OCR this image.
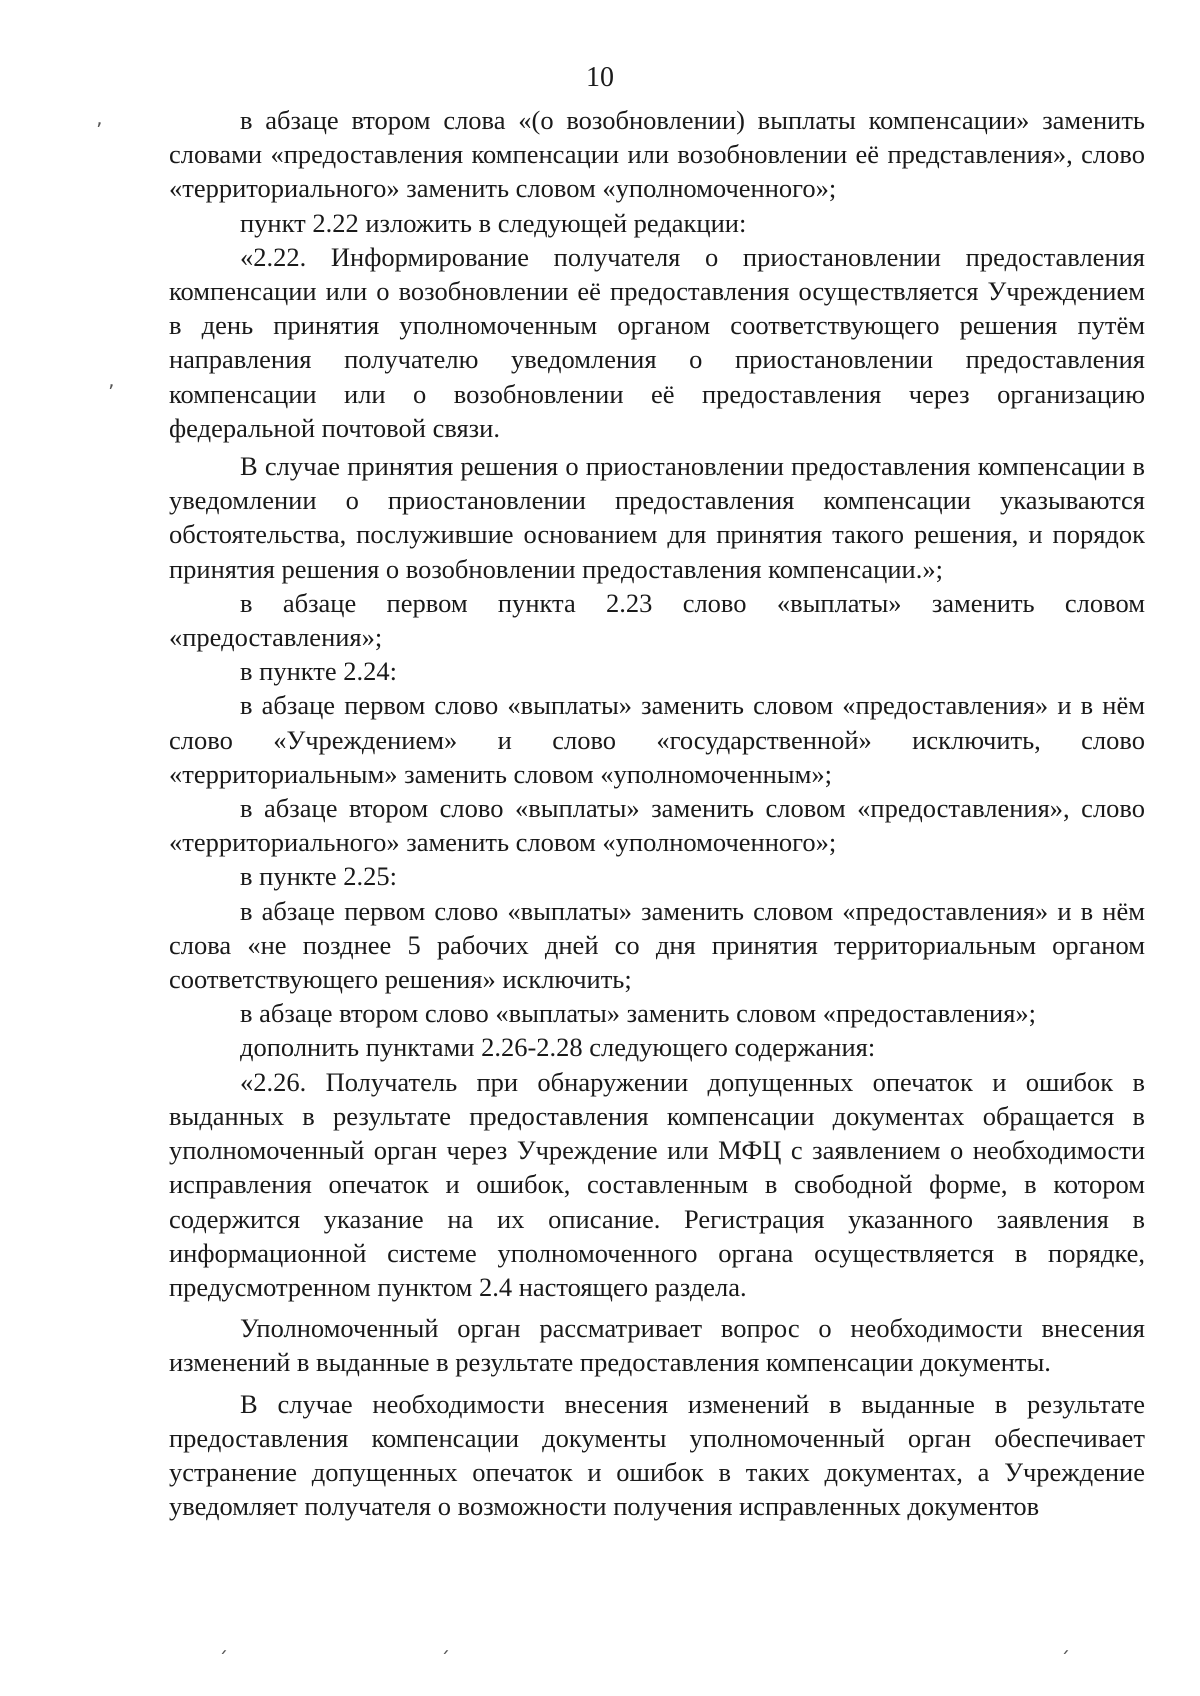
10

в абзаце втором слова «(о возобновлении) выплаты компенсации» заменить словами «предоставления компенсации или возобновлении её представления», слово «территориального» заменить словом «уполномоченного»;

пункт 2.22 изложить в следующей редакции:

«2.22. Информирование получателя о приостановлении предоставления компенсации или о возобновлении её предоставления осуществляется Учреждением в день принятия уполномоченным органом соответствующего решения путём направления получателю уведомления о приостановлении предоставления компенсации или о возобновлении её предоставления через организацию федеральной почтовой связи.

В случае принятия решения о приостановлении предоставления компенсации в уведомлении о приостановлении предоставления компенсации указываются обстоятельства, послужившие основанием для принятия такого решения, и порядок принятия решения о возобновлении предоставления компенсации.»;

в абзаце первом пункта 2.23 слово «выплаты» заменить словом «предоставления»;

в пункте 2.24:

в абзаце первом слово «выплаты» заменить словом «предоставления» и в нём слово «Учреждением» и слово «государственной» исключить, слово «территориальным» заменить словом «уполномоченным»;

в абзаце втором слово «выплаты» заменить словом «предоставления», слово «территориального» заменить словом «уполномоченного»;

в пункте 2.25:

в абзаце первом слово «выплаты» заменить словом «предоставления» и в нём слова «не позднее 5 рабочих дней со дня принятия территориальным органом соответствующего решения» исключить;

в абзаце втором слово «выплаты» заменить словом «предоставления»;

дополнить пунктами 2.26-2.28 следующего содержания:

«2.26. Получатель при обнаружении допущенных опечаток и ошибок в выданных в результате предоставления компенсации документах обращается в уполномоченный орган через Учреждение или МФЦ с заявлением о необходимости исправления опечаток и ошибок, составленным в свободной форме, в котором содержится указание на их описание. Регистрация указанного заявления в информационной системе уполномоченного органа осуществляется в порядке, предусмотренном пунктом 2.4 настоящего раздела.

Уполномоченный орган рассматривает вопрос о необходимости внесения изменений в выданные в результате предоставления компенсации документы.

В случае необходимости внесения изменений в выданные в результате предоставления компенсации документы уполномоченный орган обеспечивает устранение допущенных опечаток и ошибок в таких документах, а Учреждение уведомляет получателя о возможности получения исправленных документов

ʼ
ʼ
ˏ	ˏ	ˏ
